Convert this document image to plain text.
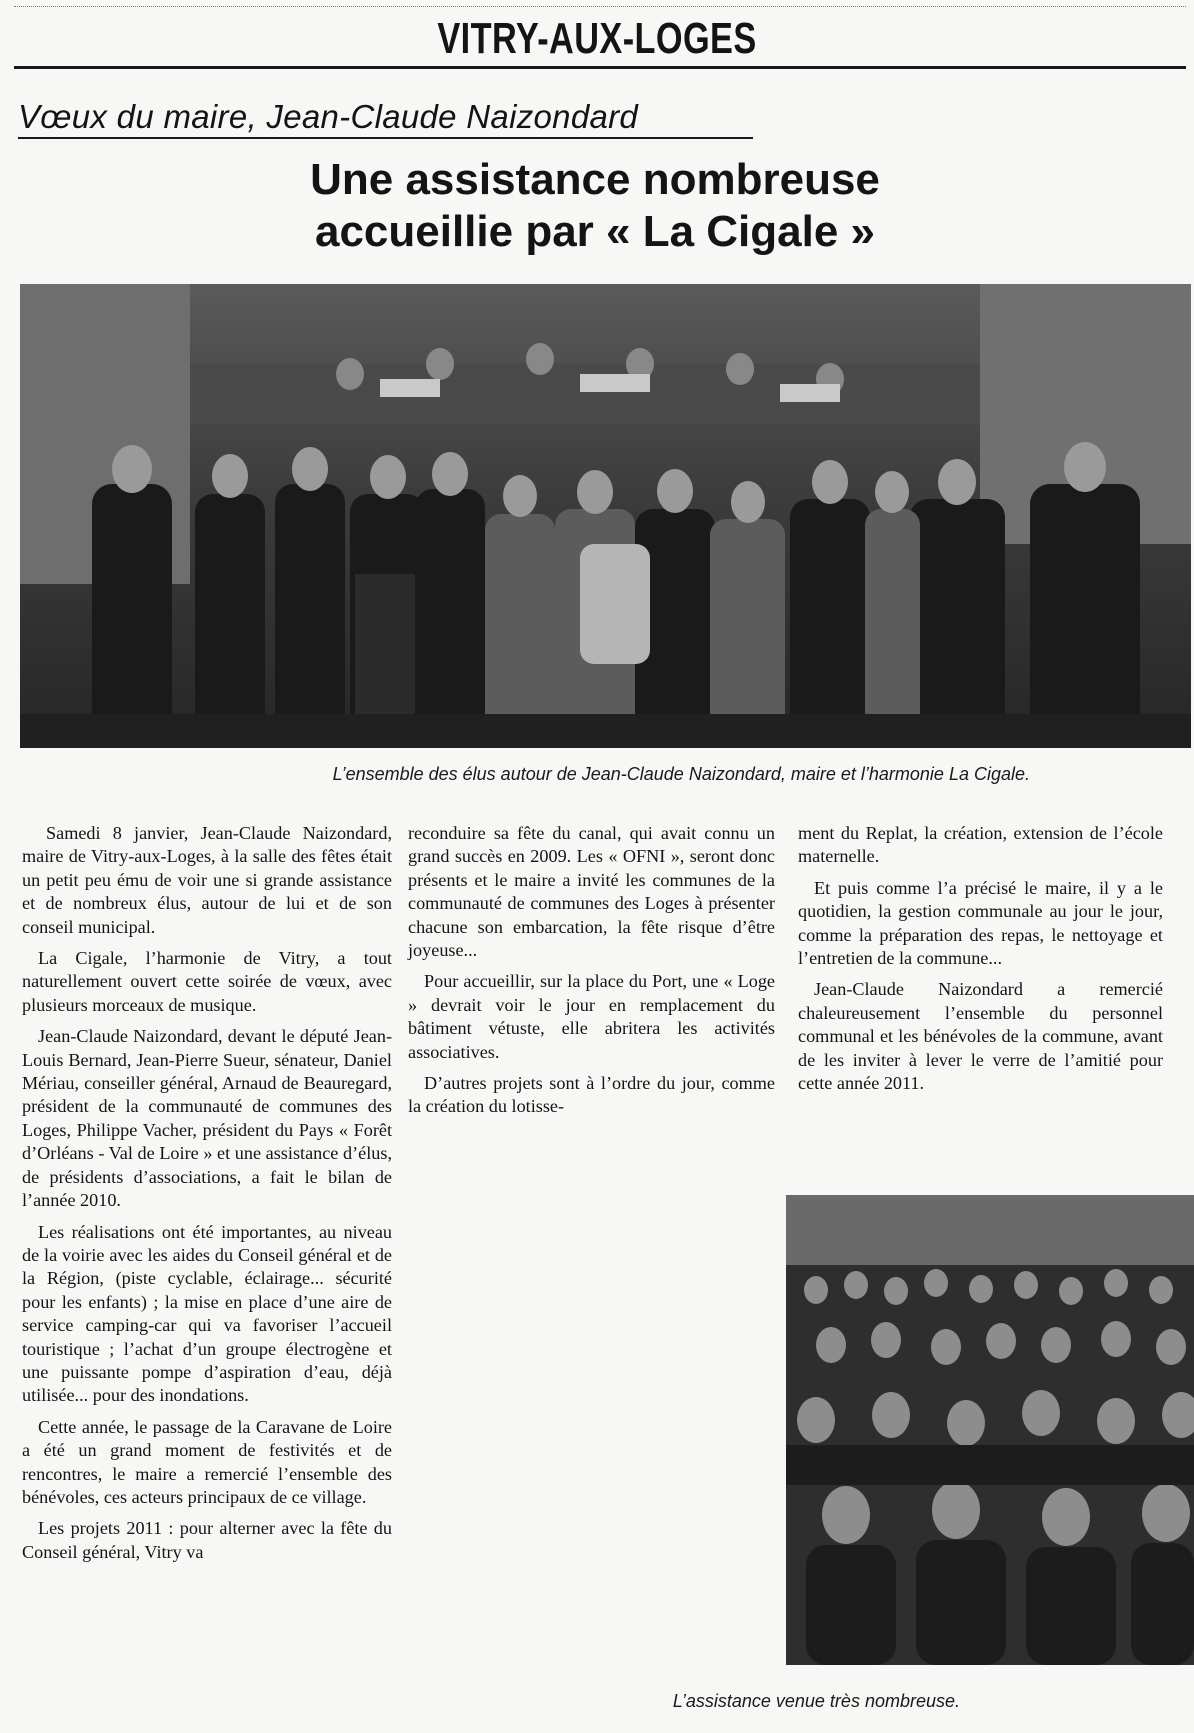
VITRY-AUX-LOGES
Vœux du maire, Jean-Claude Naizondard
Une assistance nombreuse
accueillie par « La Cigale »
L’ensemble des élus autour de Jean-Claude Naizondard, maire et l’harmonie La Cigale.

Samedi 8 janvier, Jean-Claude Naizondard, maire de Vitry-aux-Loges, à la salle des fêtes était un petit peu ému de voir une si grande assistance et de nombreux élus, autour de lui et de son conseil municipal.

La Cigale, l’harmonie de Vitry, a tout naturellement ouvert cette soirée de vœux, avec plusieurs morceaux de musique.

Jean-Claude Naizondard, devant le député Jean-Louis Bernard, Jean-Pierre Sueur, sénateur, Daniel Mériau, conseiller général, Arnaud de Beauregard, président de la communauté de communes des Loges, Philippe Vacher, président du Pays « Forêt d’Orléans - Val de Loire » et une assistance d’élus, de présidents d’associations, a fait le bilan de l’année 2010.

Les réalisations ont été importantes, au niveau de la voirie avec les aides du Conseil général et de la Région, (piste cyclable, éclairage... sécurité pour les enfants) ; la mise en place d’une aire de service camping-car qui va favoriser l’accueil touristique ; l’achat d’un groupe électrogène et une puissante pompe d’aspiration d’eau, déjà utilisée... pour des inondations.

Cette année, le passage de la Caravane de Loire a été un grand moment de festivités et de rencontres, le maire a remercié l’ensemble des bénévoles, ces acteurs principaux de ce village.

Les projets 2011 : pour alterner avec la fête du Conseil général, Vitry va

reconduire sa fête du canal, qui avait connu un grand succès en 2009. Les « OFNI », seront donc présents et le maire a invité les communes de la communauté de communes des Loges à présenter chacune son embarcation, la fête risque d’être joyeuse...

Pour accueillir, sur la place du Port, une « Loge » devrait voir le jour en remplacement du bâtiment vétuste, elle abritera les activités associatives.

D’autres projets sont à l’ordre du jour, comme la création du lotisse-

ment du Replat, la création, extension de l’école maternelle.

Et puis comme l’a précisé le maire, il y a le quotidien, la gestion communale au jour le jour, comme la préparation des repas, le nettoyage et l’entretien de la commune...

Jean-Claude Naizondard a remercié chaleureusement l’ensemble du personnel communal et les bénévoles de la commune, avant de les inviter à lever le verre de l’amitié pour cette année 2011.

L’assistance venue très nombreuse.
